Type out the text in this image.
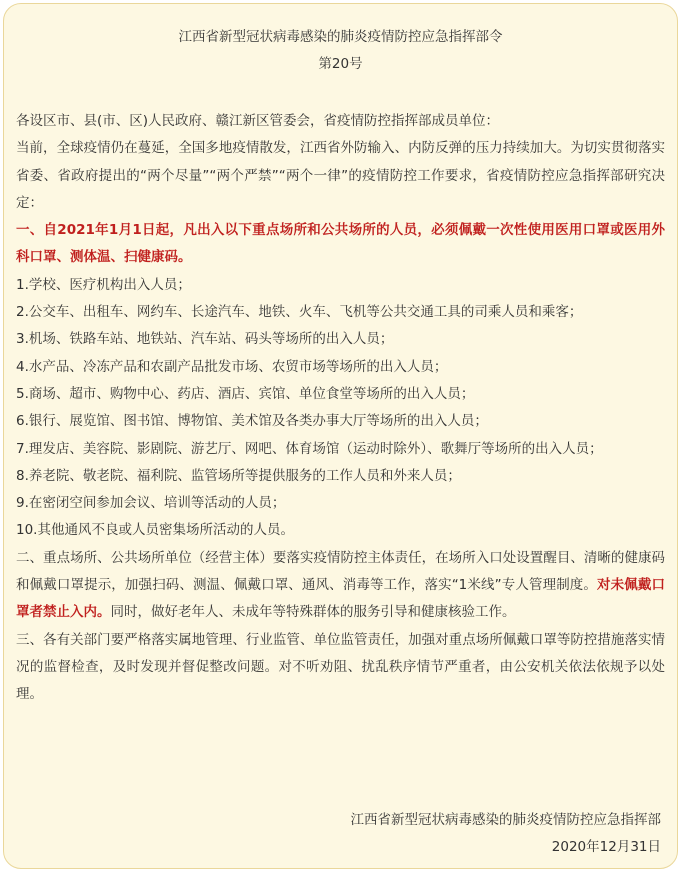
江西省新型冠状病毒感染的肺炎疫情防控应急指挥部令
第20号

各设区市、县(市、区)人民政府、赣江新区管委会，省疫情防控指挥部成员单位：

当前，全球疫情仍在蔓延，全国多地疫情散发，江西省外防输入、内防反弹的压力持续加大。为切实贯彻落实省委、省政府提出的“两个尽量”“两个严禁”“两个一律”的疫情防控工作要求，省疫情防控应急指挥部研究决定：

一、自2021年1月1日起，凡出入以下重点场所和公共场所的人员，必须佩戴一次性使用医用口罩或医用外科口罩、测体温、扫健康码。

1.学校、医疗机构出入人员；

2.公交车、出租车、网约车、长途汽车、地铁、火车、飞机等公共交通工具的司乘人员和乘客；

3.机场、铁路车站、地铁站、汽车站、码头等场所的出入人员；

4.水产品、冷冻产品和农副产品批发市场、农贸市场等场所的出入人员；

5.商场、超市、购物中心、药店、酒店、宾馆、单位食堂等场所的出入人员；

6.银行、展览馆、图书馆、博物馆、美术馆及各类办事大厅等场所的出入人员；

7.理发店、美容院、影剧院、游艺厅、网吧、体育场馆（运动时除外）、歌舞厅等场所的出入人员；

8.养老院、敬老院、福利院、监管场所等提供服务的工作人员和外来人员；

9.在密闭空间参加会议、培训等活动的人员；

10.其他通风不良或人员密集场所活动的人员。

二、重点场所、公共场所单位（经营主体）要落实疫情防控主体责任，在场所入口处设置醒目、清晰的健康码和佩戴口罩提示，加强扫码、测温、佩戴口罩、通风、消毒等工作，落实“1米线”专人管理制度。对未佩戴口罩者禁止入内。同时，做好老年人、未成年等特殊群体的服务引导和健康核验工作。

三、各有关部门要严格落实属地管理、行业监管、单位监管责任，加强对重点场所佩戴口罩等防控措施落实情况的监督检查，及时发现并督促整改问题。对不听劝阻、扰乱秩序情节严重者，由公安机关依法依规予以处理。

江西省新型冠状病毒感染的肺炎疫情防控应急指挥部
2020年12月31日
